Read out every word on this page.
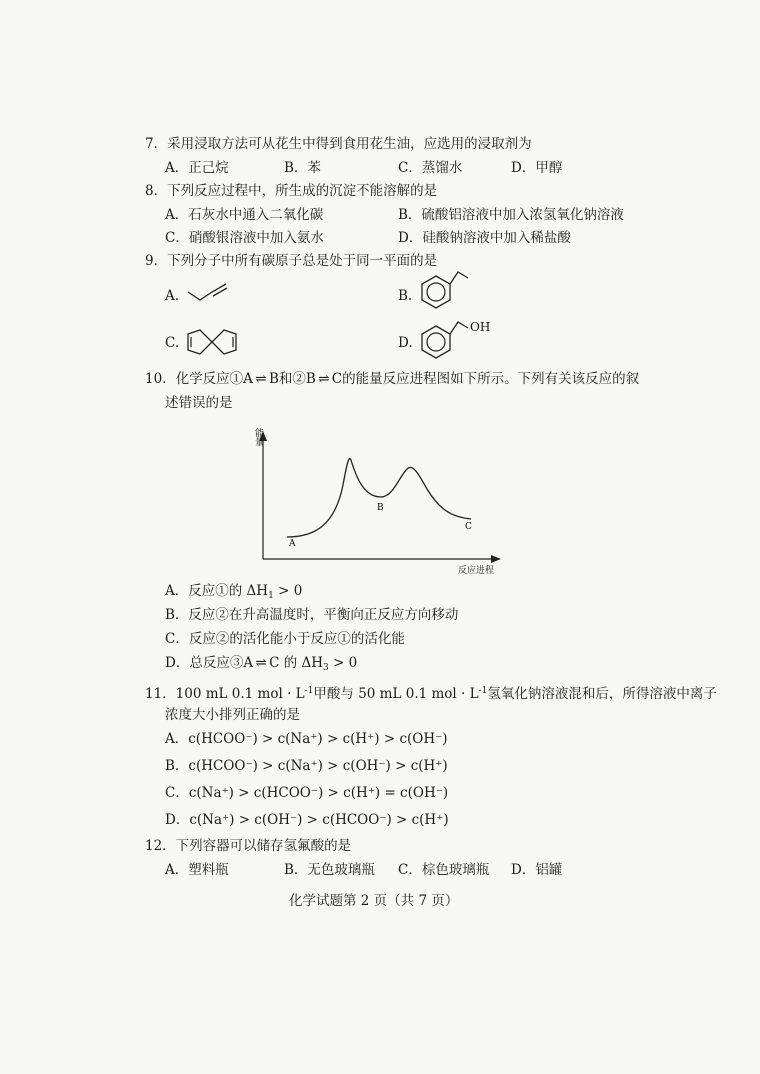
7．采用浸取方法可从花生中得到食用花生油，应选用的浸取剂为
A．正己烷	B．苯	C．蒸馏水	D．甲醇
8．下列反应过程中，所生成的沉淀不能溶解的是
A．石灰水中通入二氧化碳	B．硫酸铝溶液中加入浓氢氧化钠溶液
C．硝酸银溶液中加入氨水	D．硅酸钠溶液中加入稀盐酸
9．下列分子中所有碳原子总是处于同一平面的是
A.	B.
C.	D.
OH
10．化学反应①A ⇌ B和②B ⇌ C的能量反应进程图如下所示。下列有关该反应的叙
述错误的是
A
B
C
能量
反应进程
A．反应①的 $\Delta H_1 > 0$
B．反应②在升高温度时，平衡向正反应方向移动
C．反应②的活化能小于反应①的活化能
D．总反应③A ⇌ C 的 $\Delta H_3 > 0$
11．100 mL 0.1 mol · $L^{-1}$甲酸与 50 mL 0.1 mol · $L^{-1}$氢氧化钠溶液混和后，所得溶液中离子
浓度大小排列正确的是
A．c(HCOO⁻) > c(Na⁺) > c(H⁺) > c(OH⁻)
B．c(HCOO⁻) > c(Na⁺) > c(OH⁻) > c(H⁺)
C．c(Na⁺) > c(HCOO⁻) > c(H⁺) = c(OH⁻)
D．c(Na⁺) > c(OH⁻) > c(HCOO⁻) > c(H⁺)
12．下列容器可以储存氢氟酸的是
A．塑料瓶	B．无色玻璃瓶 C．棕色玻璃瓶 D．铝罐
化学试题第 2 页（共 7 页）
